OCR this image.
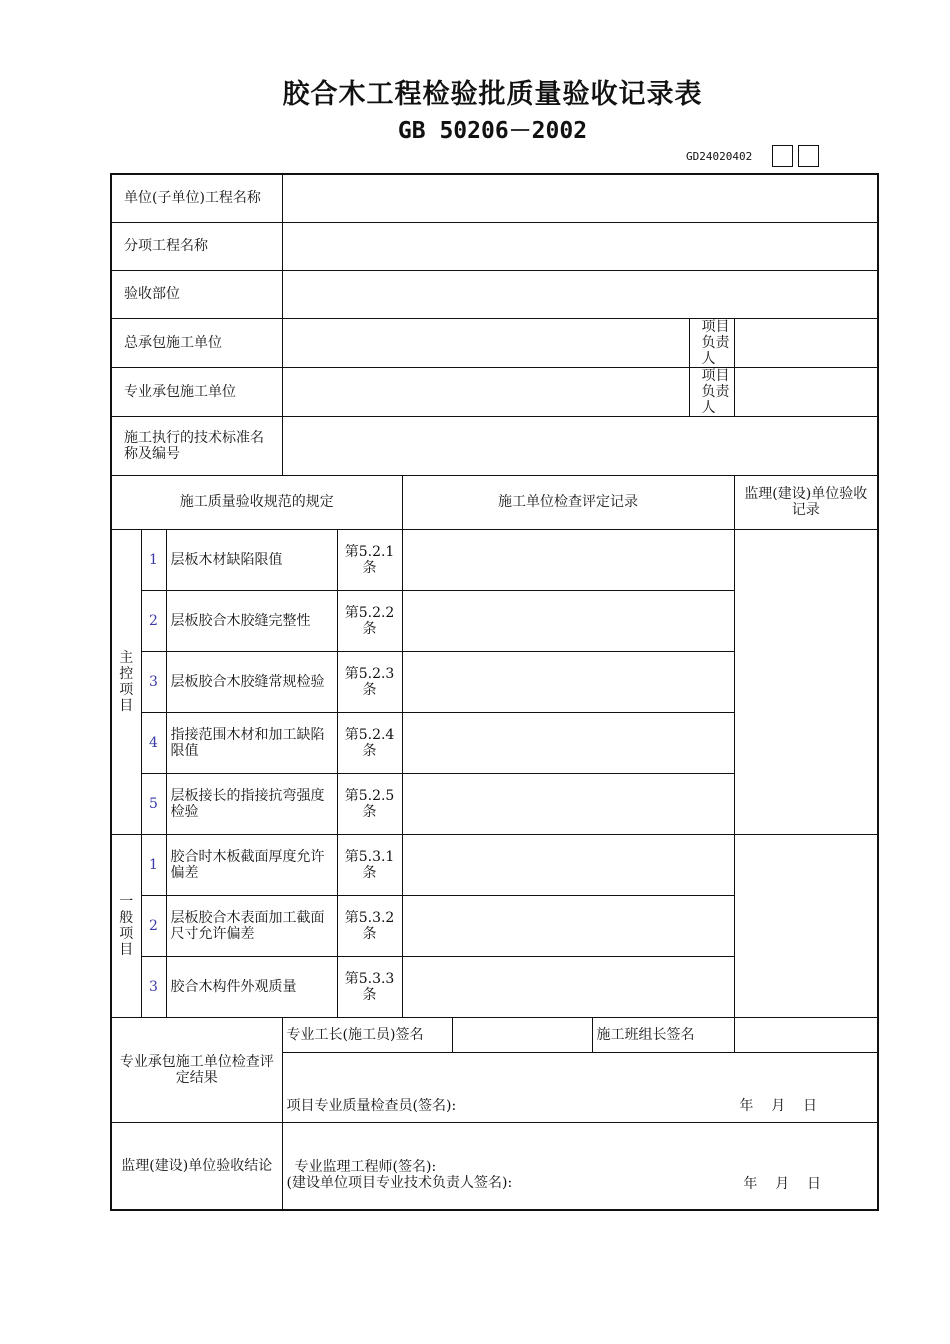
胶合木工程检验批质量验收记录表
GB 50206－2002
GD24020402
单位(子单位)工程名称									
分项工程名称									
验收部位									
总承包施工单位								项目负责人	
专业承包施工单位								项目负责人	
施工执行的技术标准名称及编号									
施工质量验收规范的规定					施工单位检查评定记录				监理(建设)单位验收记录
主
控
项
目	1	层板木材缺陷限值		第5.2.1条					
	2	层板胶合木胶缝完整性		第5.2.2条					
	3	层板胶合木胶缝常规检验		第5.2.3条					
	4	指接范围木材和加工缺陷限值		第5.2.4条					
	5	层板接长的指接抗弯强度检验		第5.2.5条					
一
般
项
目	1	胶合时木板截面厚度允许偏差		第5.3.1条					
	2	层板胶合木表面加工截面尺寸允许偏差		第5.3.2条					
	3	胶合木构件外观质量		第5.3.3条					
专业承包施工单位检查评定结果			专业工长(施工员)签名				施工班组长签名		
			项目专业质量检查员(签名): 年 月 日						

监理(建设)单位验收结论			专业监理工程师(签名):
(建设单位项目专业技术负责人签名): 年 月 日						
